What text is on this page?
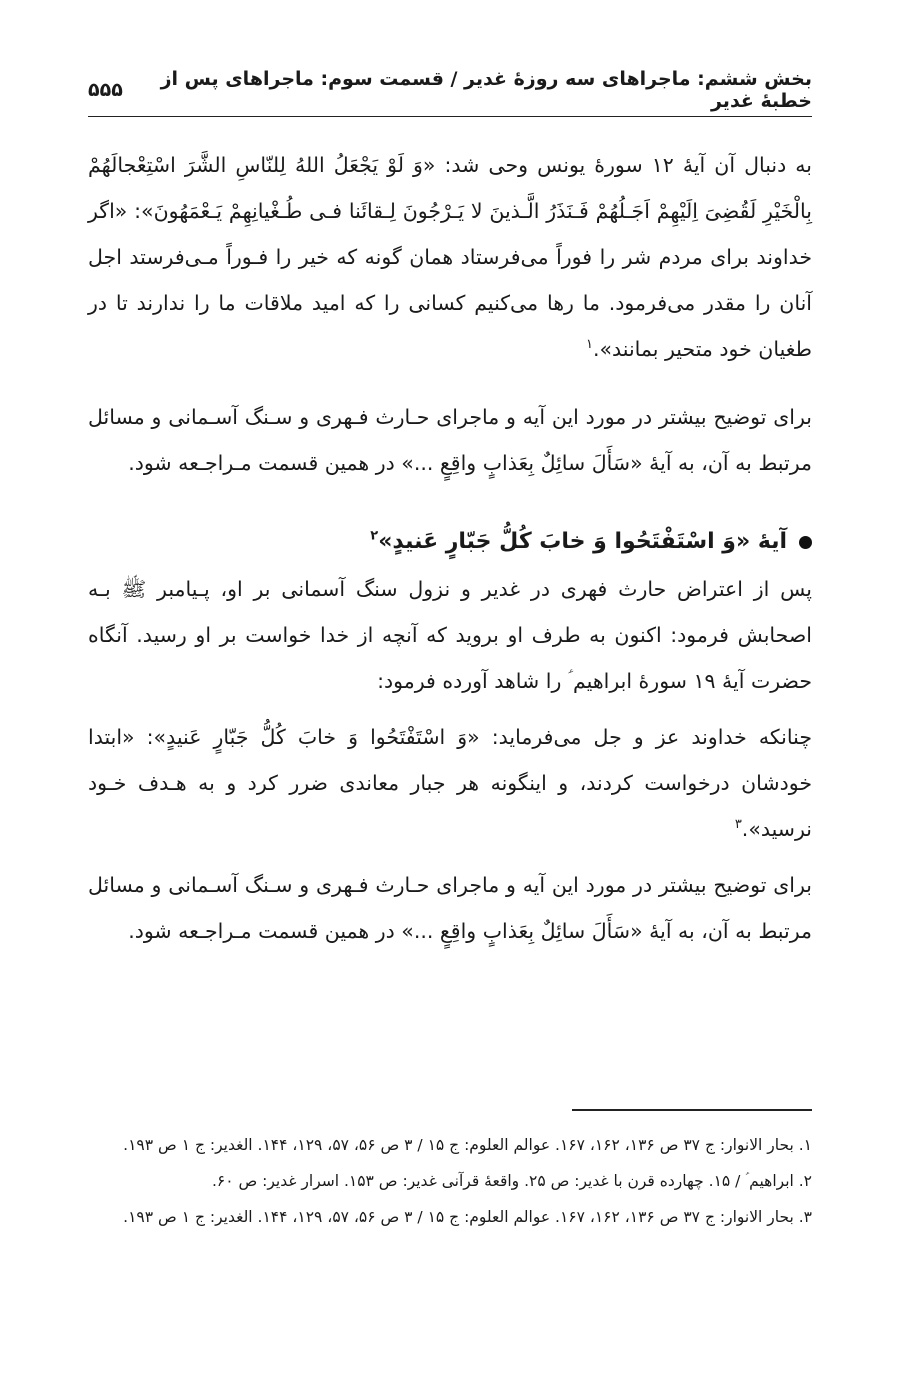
بخش ششم: ماجراهای سه روزۀ غدیر / قسمت سوم: ماجراهای پس از خطبۀ غدیر
۵۵۵

به دنبال آن آیۀ ۱۲ سورۀ یونس وحی شد: «وَ لَوْ یَجْعَلُ اللهُ لِلنّاسِ الشَّرَ اسْتِعْجالَهُمْ بِالْخَیْرِ لَقُضِیَ اِلَیْهِمْ اَجَـلُهُمْ فَـنَذَرُ الَّـذینَ لا یَـرْجُونَ لِـقائَنا فـی طُـغْیانِهِمْ یَـعْمَهُونَ»: «اگر خداوند برای مردم شر را فوراً می‌فرستاد همان گونه که خیر را فـوراً مـی‌فرستد اجل آنان را مقدر می‌فرمود. ما رها می‌کنیم کسانی را که امید ملاقات ما را ندارند تا در طغیان خود متحیر بمانند».$^۱$

برای توضیح بیشتر در مورد این آیه و ماجرای حـارث فـهری و سـنگ آسـمانی و مسائل مرتبط به آن، به آیۀ «سَأَلَ سائِلٌ بِعَذابٍ واقِعٍ ...» در همین قسمت مـراجـعه شود.

آیۀ «وَ اسْتَفْتَحُوا وَ خابَ کُلُّ جَبّارٍ عَنیدٍ»$^۲$

پس از اعتراض حارث فهری در غدیر و نزول سنگ آسمانی بر او، پـیامبر ﷺ بـه اصحابش فرمود: اکنون به طرف او بروید که آنچه از خدا خواست بر او رسید. آنگاه حضرت آیۀ ۱۹ سورۀ ابراهیم ؑ را شاهد آورده فرمود:

چنانکه خداوند عز و جل می‌فرماید: «وَ اسْتَفْتَحُوا وَ خابَ کُلُّ جَبّارٍ عَنیدٍ»: «ابتدا خودشان درخواست کردند، و اینگونه هر جبار معاندی ضرر کرد و به هـدف خـود نرسید».$^۳$

برای توضیح بیشتر در مورد این آیه و ماجرای حـارث فـهری و سـنگ آسـمانی و مسائل مرتبط به آن، به آیۀ «سَأَلَ سائِلٌ بِعَذابٍ واقِعٍ ...» در همین قسمت مـراجـعه شود.

۱. بحار الانوار: ج ۳۷ ص ۱۳۶، ۱۶۲، ۱۶۷. عوالم العلوم: ج ۱۵ / ۳ ص ۵۶، ۵۷، ۱۲۹، ۱۴۴. الغدیر: ج ۱ ص ۱۹۳.

۲. ابراهیم ؑ / ۱۵. چهارده قرن با غدیر: ص ۲۵. واقعۀ قرآنی غدیر: ص ۱۵۳. اسرار غدیر: ص ۶۰.

۳. بحار الانوار: ج ۳۷ ص ۱۳۶، ۱۶۲، ۱۶۷. عوالم العلوم: ج ۱۵ / ۳ ص ۵۶، ۵۷، ۱۲۹، ۱۴۴. الغدیر: ج ۱ ص ۱۹۳.
